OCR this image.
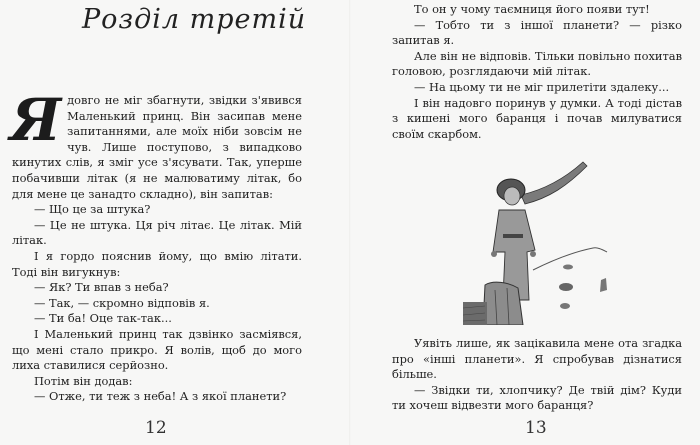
Розділ третій

Ядовго не міг збагнути, звідки з'явився Маленький принц. Він засипав мене запитаннями, але моїх ніби зовсім не чув. Лише поступово, з випадково кинутих слів, я зміг усе з'ясувати. Так, уперше побачивши літак (я не малюватиму літак, бо для мене це занадто складно), він запитав:

— Що це за штука?

— Це не штука. Ця річ літає. Це літак. Мій літак.

І я гордо пояснив йому, що вмію літати. Тоді він вигукнув:

— Як? Ти впав з неба?

— Так, — скромно відповів я.

— Ти ба! Оце так-так...

І Маленький принц так дзвінко засміявся, що мені стало прикро. Я волів, щоб до мого лиха ставилися серйозно.

Потім він додав:

— Отже, ти теж з неба! А з якої планети?

12

То он у чому таємниця його появи тут!

— Тобто ти з іншої планети? — різко запитав я.

Але він не відповів. Тільки повільно похитав головою, розглядаючи мій літак.

— На цьому ти не міг прилетіти здалеку...

І він надовго поринув у думки. А тоді дістав з кишені мого баранця і почав милуватися своїм скарбом.

Уявіть лише, як зацікавила мене ота згадка про «інші планети». Я спробував дізнатися більше.

— Звідки ти, хлопчику? Де твій дім? Куди ти хочеш відвезти мого баранця?

13
